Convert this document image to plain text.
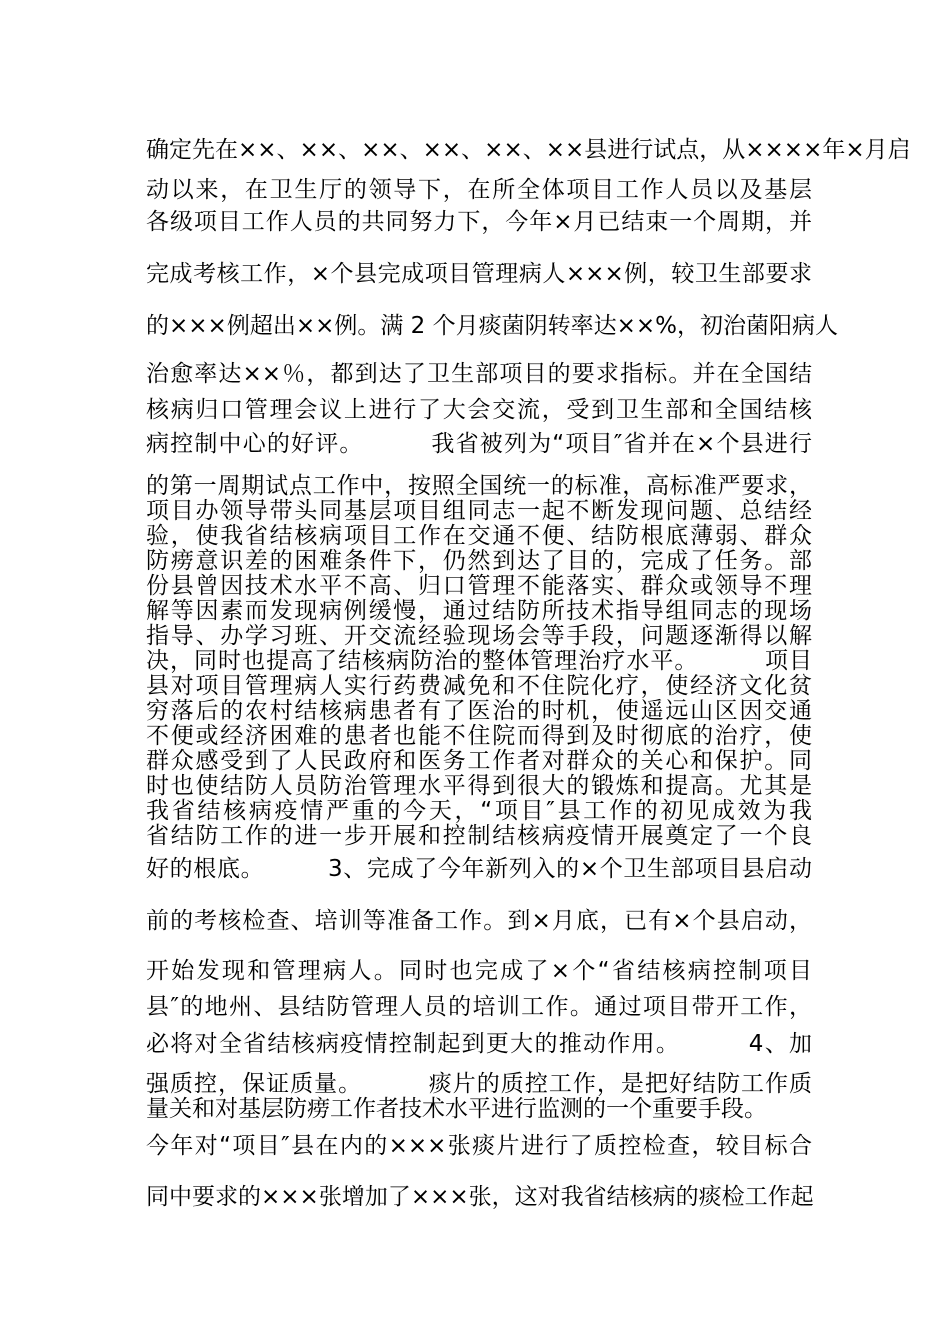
确定先在××、××、××、××、××、××县进行试点，从××××年×月启
动以来，在卫生厅的领导下，在所全体项目工作人员以及基层
各级项目工作人员的共同努力下，今年×月已结束一个周期，并
完成考核工作，×个县完成项目管理病人×××例，较卫生部要求
的×××例超出××例。满 2 个月痰菌阴转率达××%，初治菌阳病人
治愈率达××％，都到达了卫生部项目的要求指标。并在全国结
核病归口管理会议上进行了大会交流，受到卫生部和全国结核
病控制中心的好评。        我省被列为“项目″省并在×个县进行
的第一周期试点工作中，按照全国统一的标准，高标准严要求，
项目办领导带头同基层项目组同志一起不断发现问题、总结经
验，使我省结核病项目工作在交通不便、结防根底薄弱、群众
防痨意识差的困难条件下，仍然到达了目的，完成了任务。部
份县曾因技术水平不高、归口管理不能落实、群众或领导不理
解等因素而发现病例缓慢，通过结防所技术指导组同志的现场
指导、办学习班、开交流经验现场会等手段，问题逐渐得以解
决，同时也提高了结核病防治的整体管理治疗水平。        项目
县对项目管理病人实行药费减免和不住院化疗，使经济文化贫
穷落后的农村结核病患者有了医治的时机，使遥远山区因交通
不便或经济困难的患者也能不住院而得到及时彻底的治疗，使
群众感受到了人民政府和医务工作者对群众的关心和保护。同
时也使结防人员防治管理水平得到很大的锻炼和提高。尤其是
我省结核病疫情严重的今天，“项目″县工作的初见成效为我
省结防工作的进一步开展和控制结核病疫情开展奠定了一个良
好的根底。        3、完成了今年新列入的×个卫生部项目县启动
前的考核检查、培训等准备工作。到×月底，已有×个县启动，
开始发现和管理病人。同时也完成了×个“省结核病控制项目
县″的地州、县结防管理人员的培训工作。通过项目带开工作，
必将对全省结核病疫情控制起到更大的推动作用。        4、加
强质控，保证质量。        痰片的质控工作，是把好结防工作质
量关和对基层防痨工作者技术水平进行监测的一个重要手段。
今年对“项目″县在内的×××张痰片进行了质控检查，较目标合
同中要求的×××张增加了×××张，这对我省结核病的痰检工作起
